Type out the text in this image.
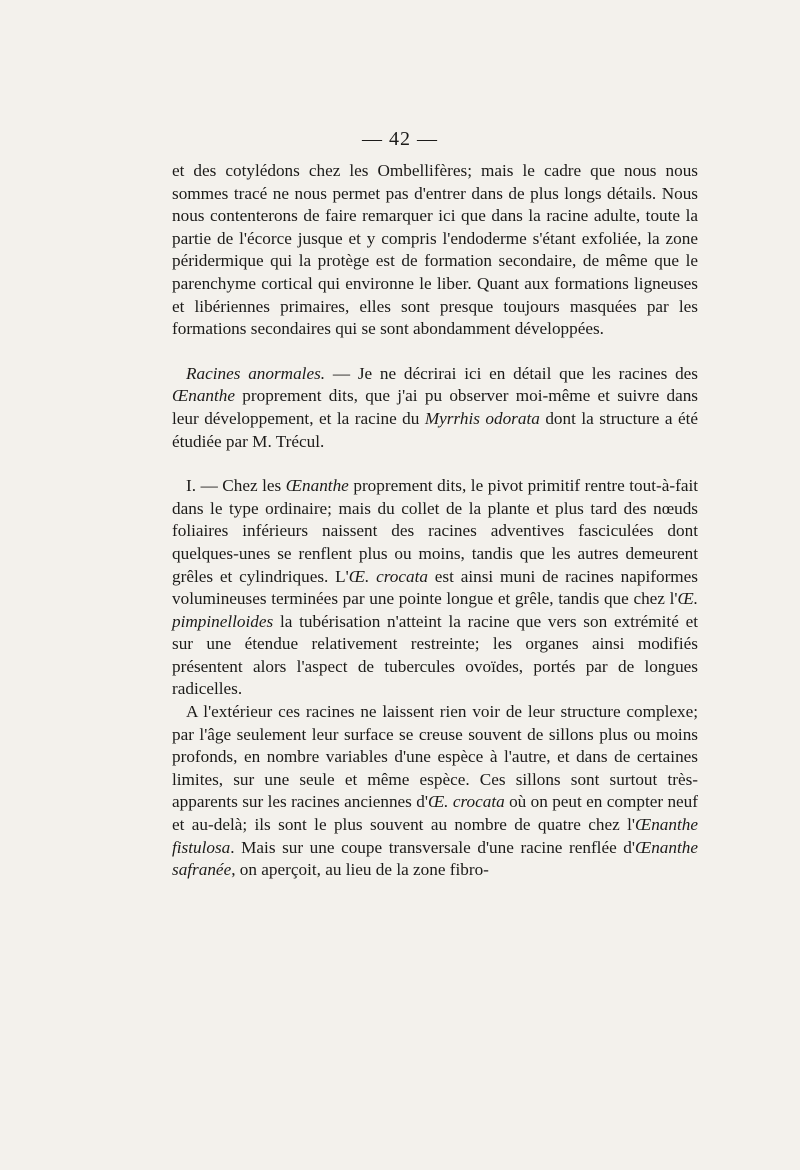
— 42 —

et des cotylédons chez les Ombellifères; mais le cadre que nous nous sommes tracé ne nous permet pas d'entrer dans de plus longs détails. Nous nous contenterons de faire remarquer ici que dans la racine adulte, toute la partie de l'écorce jusque et y compris l'endoderme s'étant exfoliée, la zone péridermique qui la protège est de formation secondaire, de même que le parenchyme cortical qui environne le liber. Quant aux formations ligneuses et libériennes primaires, elles sont presque toujours masquées par les formations secondaires qui se sont abondamment développées.

Racines anormales. — Je ne décrirai ici en détail que les racines des Œnanthe proprement dits, que j'ai pu observer moi-même et suivre dans leur développement, et la racine du Myrrhis odorata dont la structure a été étudiée par M. Trécul.

I. — Chez les Œnanthe proprement dits, le pivot primitif rentre tout-à-fait dans le type ordinaire; mais du collet de la plante et plus tard des nœuds foliaires inférieurs naissent des racines adventives fasciculées dont quelques-unes se renflent plus ou moins, tandis que les autres demeurent grêles et cylindriques. L'Œ. crocata est ainsi muni de racines napiformes volumineuses terminées par une pointe longue et grêle, tandis que chez l'Œ. pimpinelloides la tubérisation n'atteint la racine que vers son extrémité et sur une étendue relativement restreinte; les organes ainsi modifiés présentent alors l'aspect de tubercules ovoïdes, portés par de longues radicelles.

A l'extérieur ces racines ne laissent rien voir de leur structure complexe; par l'âge seulement leur surface se creuse souvent de sillons plus ou moins profonds, en nombre variables d'une espèce à l'autre, et dans de certaines limites, sur une seule et même espèce. Ces sillons sont surtout très-apparents sur les racines anciennes d'Œ. crocata où on peut en compter neuf et au-delà; ils sont le plus souvent au nombre de quatre chez l'Œnanthe fistulosa. Mais sur une coupe transversale d'une racine renflée d'Œnanthe safranée, on aperçoit, au lieu de la zone fibro-
